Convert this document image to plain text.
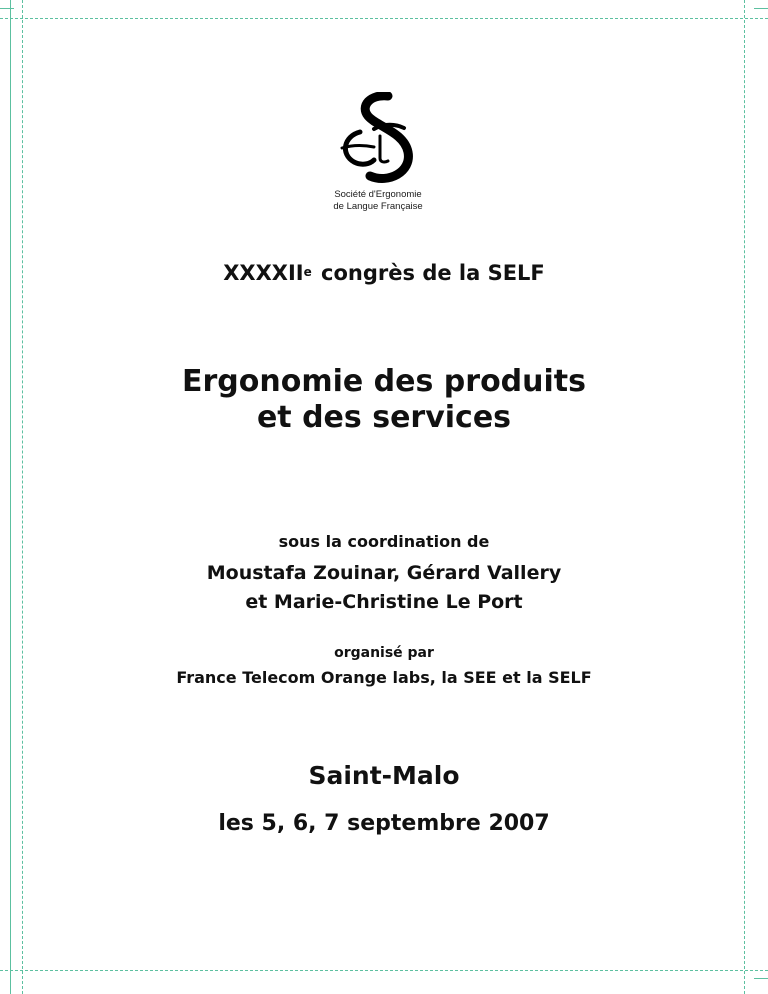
Société d'Ergonomie
de Langue Française
XXXXIIe congrès de la SELF
Ergonomie des produits
et des services

sous la coordination de

Moustafa Zouinar, Gérard Vallery
et Marie-Christine Le Port

organisé par

France Telecom Orange labs, la SEE et la SELF

Saint-Malo

les 5, 6, 7 septembre 2007
